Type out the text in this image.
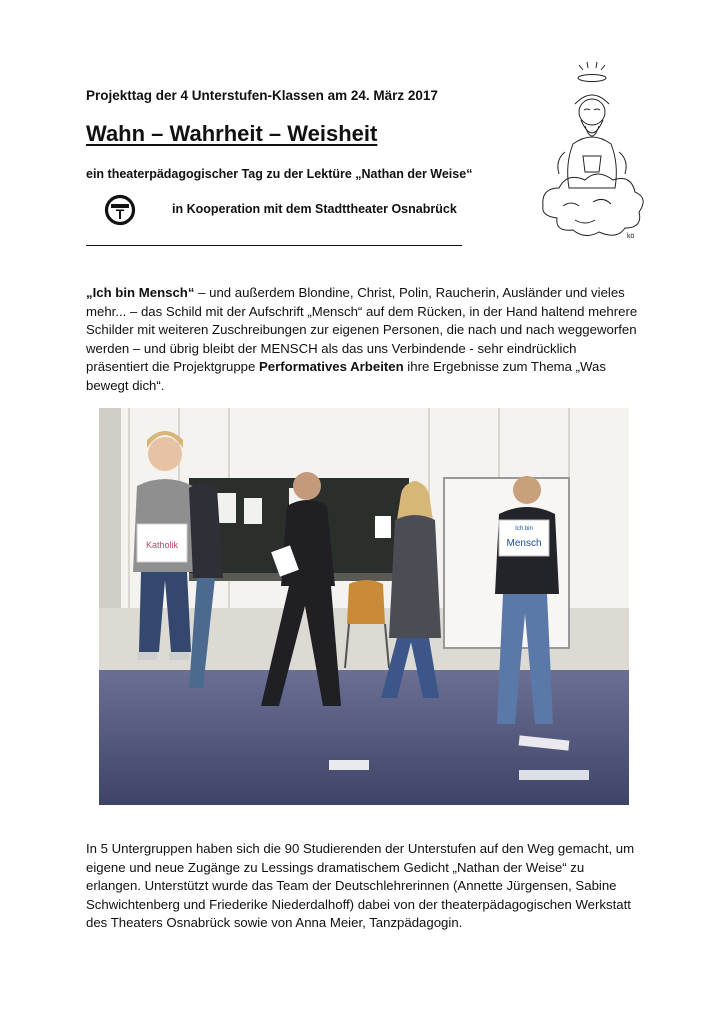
Projekttag der 4 Unterstufen-Klassen am 24. März 2017
Wahn – Wahrheit – Weisheit
ein theaterpädagogischer Tag zu der Lektüre „Nathan der Weise“
T	in Kooperation mit dem Stadttheater Osnabrück
kö
„Ich bin Mensch“ – und außerdem Blondine, Christ, Polin, Raucherin, Ausländer und vieles mehr... – das Schild mit der Aufschrift „Mensch“ auf dem Rücken, in der Hand haltend mehrere Schilder mit weiteren Zuschreibungen zur eigenen Personen, die nach und nach weggeworfen werden – und übrig bleibt der MENSCH als das uns Verbindende - sehr eindrücklich präsentiert die Projektgruppe Performatives Arbeiten ihre Ergebnisse zum Thema „Was bewegt dich“.
Katholik
Ich bin
Mensch
In 5 Untergruppen haben sich die 90 Studierenden der Unterstufen auf den Weg gemacht, um eigene und neue Zugänge zu Lessings dramatischem Gedicht „Nathan der Weise“ zu erlangen. Unterstützt wurde das Team der Deutschlehrerinnen (Annette Jürgensen, Sabine Schwichtenberg und Friederike Niederdalhoff) dabei von der theaterpädagogischen Werkstatt des Theaters Osnabrück sowie von Anna Meier, Tanzpädagogin.
